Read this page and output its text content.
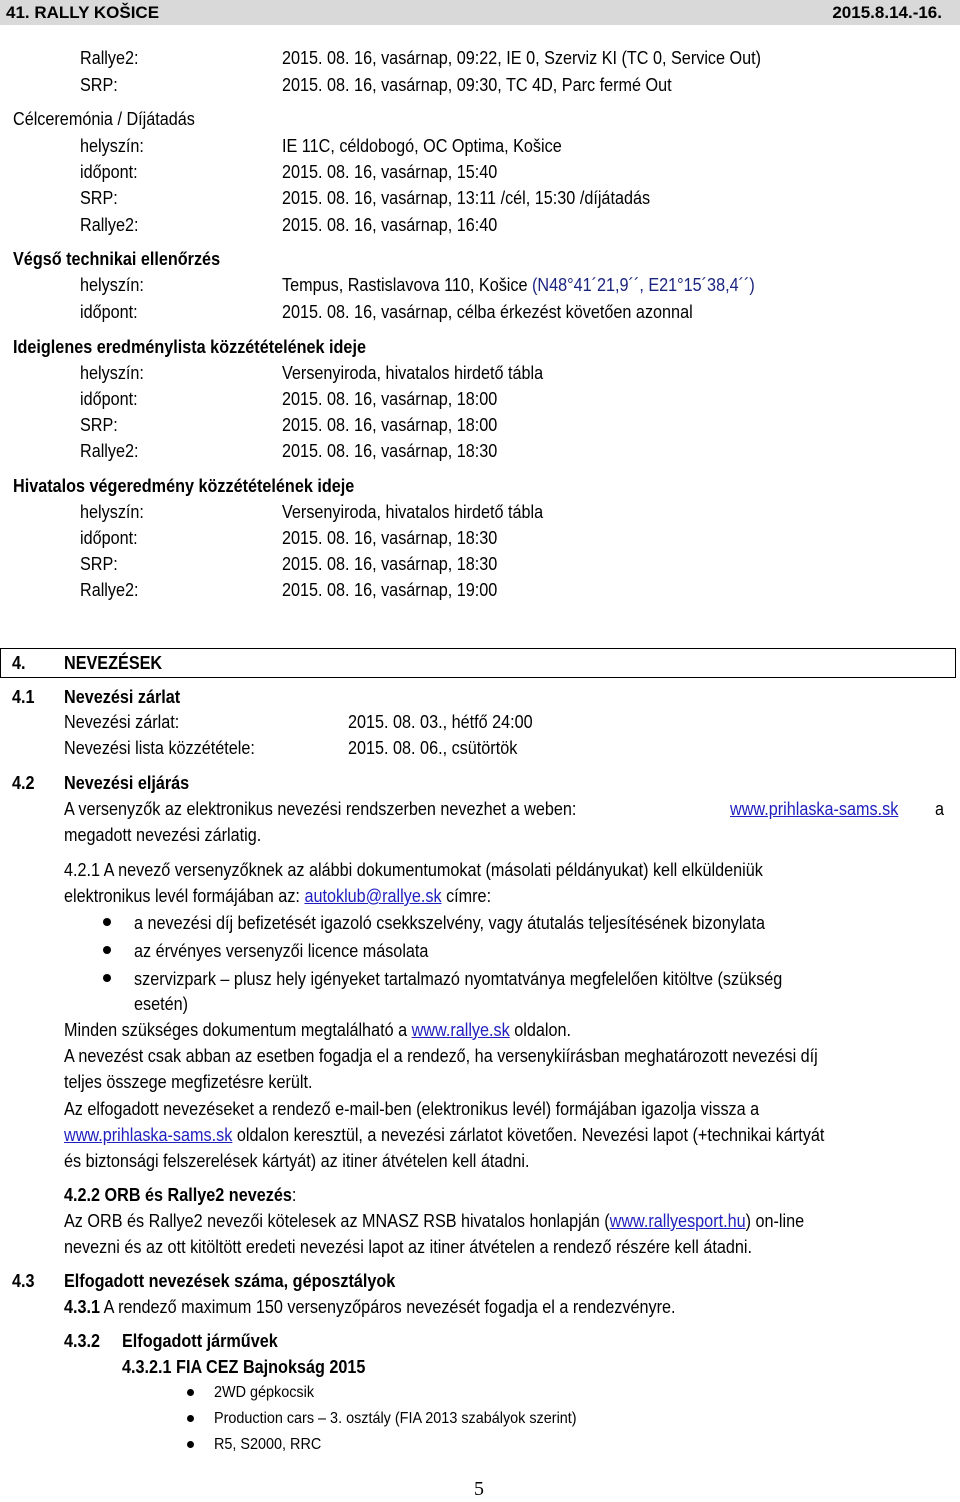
41. RALLY KOŠICE	2015.8.14.-16.
Rallye2:	2015. 08. 16, vasárnap, 09:22, IE 0, Szerviz KI (TC 0, Service Out)
SRP:	2015. 08. 16, vasárnap, 09:30, TC 4D, Parc fermé Out
Célceremónia / Díjátadás
helyszín:	IE 11C, céldobogó, OC Optima, Košice
időpont:	2015. 08. 16, vasárnap, 15:40
SRP:	2015. 08. 16, vasárnap, 13:11 /cél, 15:30 /díjátadás
Rallye2:	2015. 08. 16, vasárnap, 16:40
Végső technikai ellenőrzés
helyszín:	Tempus, Rastislavova 110, Košice (N48°41´21,9´´, E21°15´38,4´´)
időpont:	2015. 08. 16, vasárnap, célba érkezést követően azonnal
Ideiglenes eredménylista közzétételének ideje
helyszín:	Versenyiroda, hivatalos hirdető tábla
időpont:	2015. 08. 16, vasárnap, 18:00
SRP:	2015. 08. 16, vasárnap, 18:00
Rallye2:	2015. 08. 16, vasárnap, 18:30
Hivatalos végeredmény közzétételének ideje
helyszín:	Versenyiroda, hivatalos hirdető tábla
időpont:	2015. 08. 16, vasárnap, 18:30
SRP:	2015. 08. 16, vasárnap, 18:30
Rallye2:	2015. 08. 16, vasárnap, 19:00
4. NEVEZÉSEK
4.1 Nevezési zárlat
Nevezési zárlat:	2015. 08. 03., hétfő 24:00
Nevezési lista közzététele:	2015. 08. 06., csütörtök
4.2 Nevezési eljárás
A versenyzők az elektronikus nevezési rendszerben nevezhet a weben:	www.prihlaska-sams.sk a
megadott nevezési zárlatig.
4.2.1 A nevező versenyzőknek az alábbi dokumentumokat (másolati példányukat) kell elküldeniük
elektronikus levél formájában az: autoklub@rallye.sk címre:
a nevezési díj befizetését igazoló csekkszelvény, vagy átutalás teljesítésének bizonylata
az érvényes versenyzői licence másolata
szervizpark – plusz hely igényeket tartalmazó nyomtatványa megfelelően kitöltve (szükség
esetén)
Minden szükséges dokumentum megtalálható a www.rallye.sk oldalon.
A nevezést csak abban az esetben fogadja el a rendező, ha versenykiírásban meghatározott nevezési díj
teljes összege megfizetésre került.
Az elfogadott nevezéseket a rendező e-mail-ben (elektronikus levél) formájában igazolja vissza a
www.prihlaska-sams.sk oldalon keresztül, a nevezési zárlatot követően. Nevezési lapot (+technikai kártyát
és biztonsági felszerelések kártyát) az itiner átvételen kell átadni.
4.2.2 ORB és Rallye2 nevezés:
Az ORB és Rallye2 nevezői kötelesek az MNASZ RSB hivatalos honlapján (www.rallyesport.hu) on-line
nevezni és az ott kitöltött eredeti nevezési lapot az itiner átvételen a rendező részére kell átadni.
4.3 Elfogadott nevezések száma, géposztályok
4.3.1 A rendező maximum 150 versenyzőpáros nevezését fogadja el a rendezvényre.
4.3.2 Elfogadott járművek
4.3.2.1 FIA CEZ Bajnokság 2015
2WD gépkocsik
Production cars – 3. osztály (FIA 2013 szabályok szerint)
R5, S2000, RRC
5
